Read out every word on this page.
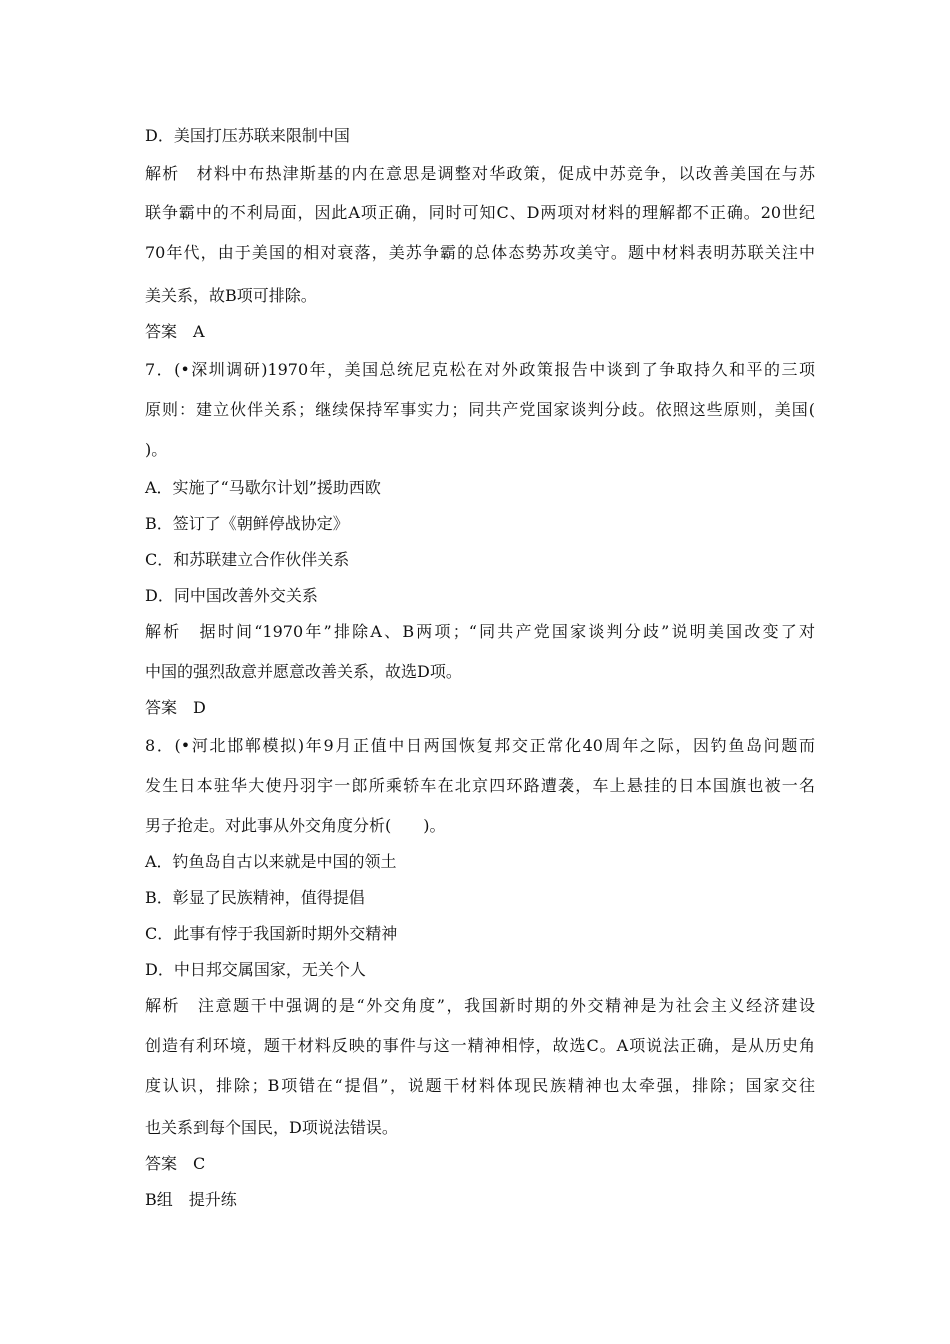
D．美国打压苏联来限制中国
解析　材料中布热津斯基的内在意思是调整对华政策，促成中苏竞争，以改善美国在与苏
联争霸中的不利局面，因此A项正确，同时可知C、D两项对材料的理解都不正确。20世纪
70年代，由于美国的相对衰落，美苏争霸的总体态势苏攻美守。题中材料表明苏联关注中
美关系，故B项可排除。
答案　A
7．(•深圳调研)1970年，美国总统尼克松在对外政策报告中谈到了争取持久和平的三项
原则：建立伙伴关系；继续保持军事实力；同共产党国家谈判分歧。依照这些原则，美国(
)。
A．实施了“马歇尔计划”援助西欧
B．签订了《朝鲜停战协定》
C．和苏联建立合作伙伴关系
D．同中国改善外交关系
解析　据时间“1970年”排除A、B两项；“同共产党国家谈判分歧”说明美国改变了对
中国的强烈敌意并愿意改善关系，故选D项。
答案　D
8．(•河北邯郸模拟)年9月正值中日两国恢复邦交正常化40周年之际，因钓鱼岛问题而
发生日本驻华大使丹羽宇一郎所乘轿车在北京四环路遭袭，车上悬挂的日本国旗也被一名
男子抢走。对此事从外交角度分析(　　)。
A．钓鱼岛自古以来就是中国的领土
B．彰显了民族精神，值得提倡
C．此事有悖于我国新时期外交精神
D．中日邦交属国家，无关个人
解析　注意题干中强调的是“外交角度”，我国新时期的外交精神是为社会主义经济建设
创造有利环境，题干材料反映的事件与这一精神相悖，故选C。A项说法正确，是从历史角
度认识，排除；B项错在“提倡”，说题干材料体现民族精神也太牵强，排除；国家交往
也关系到每个国民，D项说法错误。
答案　C
B组　提升练
